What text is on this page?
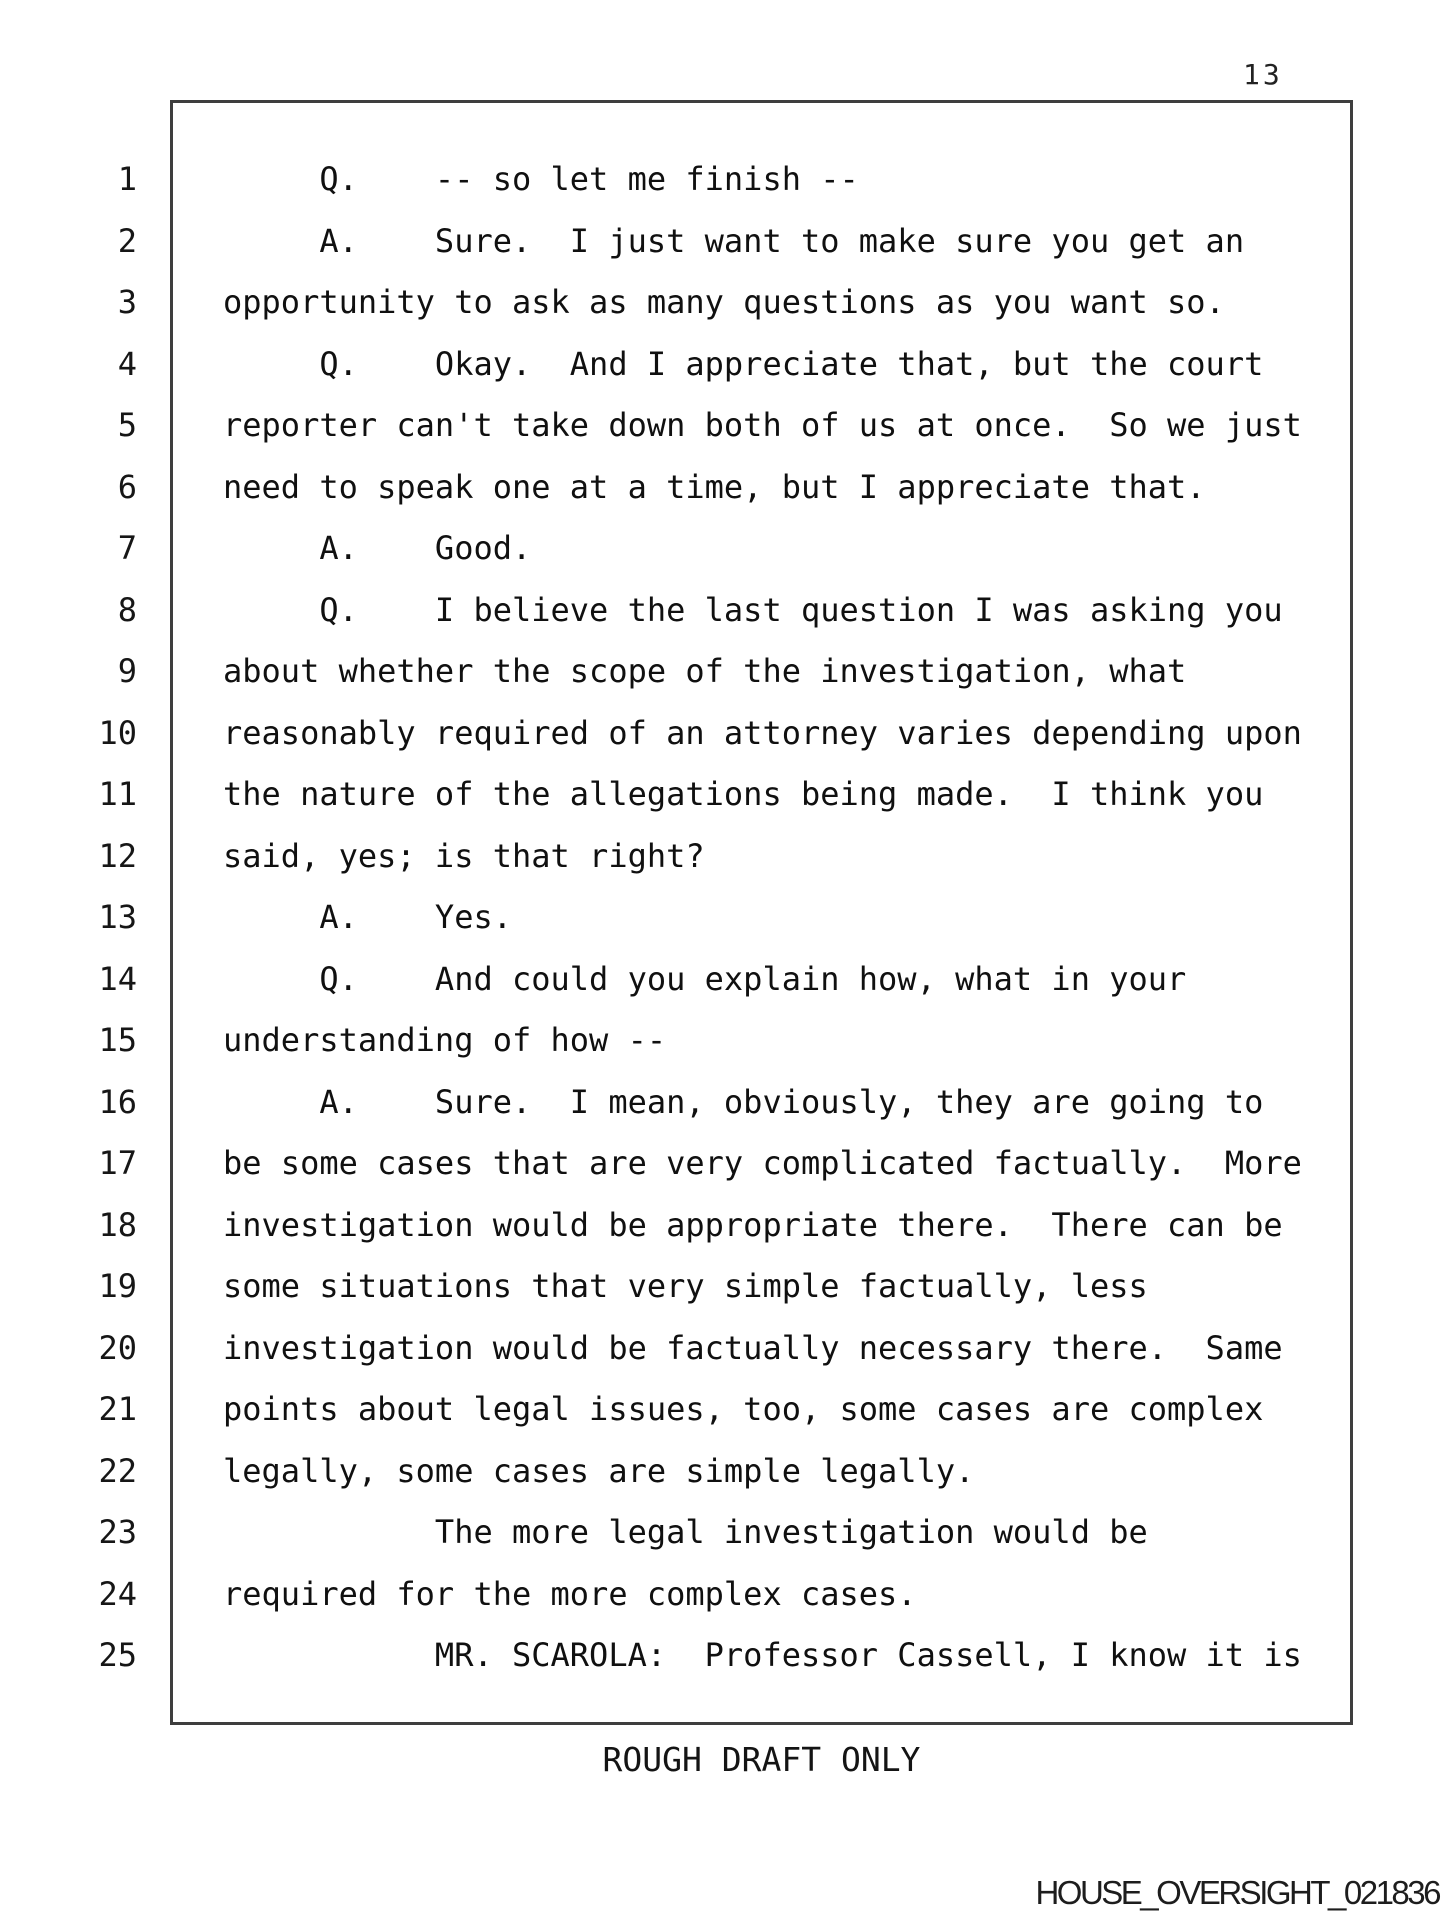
13
1	Q.    -- so let me finish --
2	A.    Sure.  I just want to make sure you get an
3	opportunity to ask as many questions as you want so.
4	Q.    Okay.  And I appreciate that, but the court
5	reporter can't take down both of us at once.  So we just
6	need to speak one at a time, but I appreciate that.
7	A.    Good.
8	Q.    I believe the last question I was asking you
9	about whether the scope of the investigation, what
10	reasonably required of an attorney varies depending upon
11	the nature of the allegations being made.  I think you
12	said, yes; is that right?
13	A.    Yes.
14	Q.    And could you explain how, what in your
15	understanding of how --
16	A.    Sure.  I mean, obviously, they are going to
17	be some cases that are very complicated factually.  More
18	investigation would be appropriate there.  There can be
19	some situations that very simple factually, less
20	investigation would be factually necessary there.  Same
21	points about legal issues, too, some cases are complex
22	legally, some cases are simple legally.
23	The more legal investigation would be
24	required for the more complex cases.
25	MR. SCAROLA:  Professor Cassell, I know it is
ROUGH DRAFT ONLY
HOUSE_OVERSIGHT_021836
